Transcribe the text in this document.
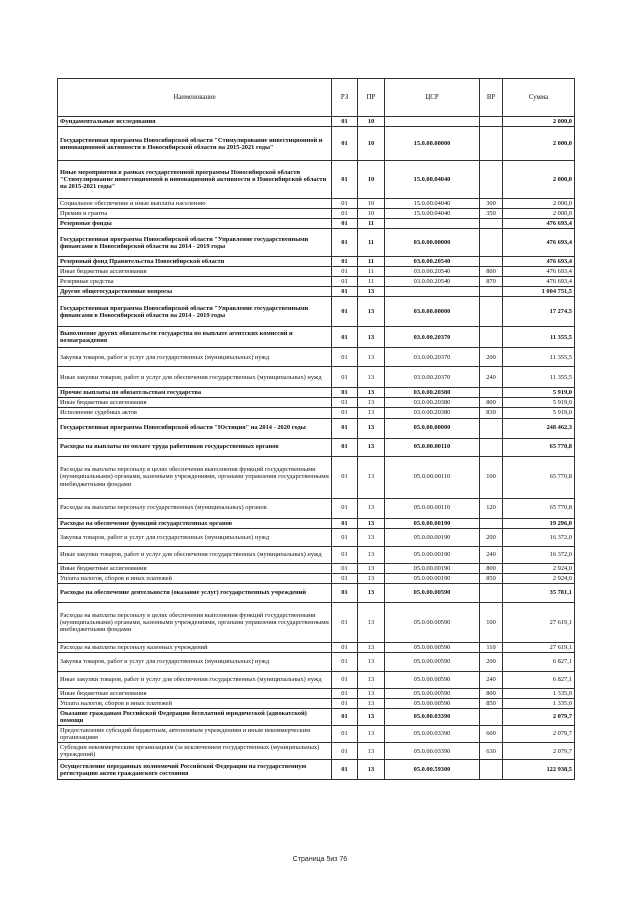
Наименование	РЗ	ПР	ЦСР	ВР	Сумма
Фундаментальные исследования	01	10			2 000,0
Государственная программа Новосибирской области "Стимулирование инвестиционной и инновационной активности в Новосибирской области на 2015-2021 годы"	01	10	15.0.00.00000		2 000,0
Иные мероприятия в рамках государственной программы Новосибирской области "Стимулирование инвестиционной и инновационной активности в Новосибирской области на 2015-2021 годы"	01	10	15.0.00.04040		2 000,0
Социальное обеспечение и иные выплаты населению	01	10	15.0.00.04040	300	2 000,0
Премии и гранты	01	10	15.0.00.04040	350	2 000,0
Резервные фонды	01	11			476 693,4
Государственная программа Новосибирской области "Управление государственными финансами в Новосибирской области на 2014 - 2019 годы	01	11	03.0.00.00000		476 693,4
Резервный фонд Правительства Новосибирской области	01	11	03.0.00.20540		476 693,4
Иные бюджетные ассигнования	01	11	03.0.00.20540	800	476 693,4
Резервные средства	01	11	03.0.00.20540	870	476 693,4
Другие общегосударственные вопросы	01	13			1 004 751,5
Государственная программа Новосибирской области "Управление государственными финансами в Новосибирской области на 2014 - 2019 годы	01	13	03.0.00.00000		17 274,5
Выполнение других обязательств государства по выплате агентских комиссий и вознаграждения	01	13	03.0.00.20370		11 355,5
Закупка товаров, работ и услуг для государственных (муниципальных) нужд	01	13	03.0.00.20370	200	11 355,5
Иные закупки товаров, работ и услуг для обеспечения государственных (муниципальных) нужд	01	13	03.0.00.20370	240	11 355,5
Прочие выплаты по обязательствам государства	01	13	03.0.00.20380		5 919,0
Иные бюджетные ассигнования	01	13	03.0.00.20380	800	5 919,0
Исполнение судебных актов	01	13	03.0.00.20380	830	5 919,0
Государственная программа Новосибирской области "Юстиция" на 2014 - 2020 годы	01	13	05.0.00.00000		248 462,3
Расходы на выплаты по оплате труда работников государственных органов	01	13	05.0.00.00110		65 770,8
Расходы на выплаты персоналу в целях обеспечения выполнения функций государственными (муниципальными) органами, казенными учреждениями, органами управления государственными внебюджетными фондами	01	13	05.0.00.00110	100	65 770,8
Расходы на выплаты персоналу государственных (муниципальных) органов	01	13	05.0.00.00110	120	65 770,8
Расходы на обеспечение функций государственных органов	01	13	05.0.00.00190		19 296,0
Закупка товаров, работ и услуг для государственных (муниципальных) нужд	01	13	05.0.00.00190	200	16 372,0
Иные закупки товаров, работ и услуг для обеспечения государственных (муниципальных) нужд	01	13	05.0.00.00190	240	16 372,0
Иные бюджетные ассигнования	01	13	05.0.00.00190	800	2 924,0
Уплата налогов, сборов и иных платежей	01	13	05.0.00.00190	850	2 924,0
Расходы на обеспечение деятельности (оказание услуг) государственных учреждений	01	13	05.0.00.00590		35 781,1
Расходы на выплаты персоналу в целях обеспечения выполнения функций государственными (муниципальными) органами, казенными учреждениями, органами управления государственными внебюджетными фондами	01	13	05.0.00.00590	100	27 619,1
Расходы на выплаты персоналу казенных учреждений	01	13	05.0.00.00590	110	27 619,1
Закупка товаров, работ и услуг для государственных (муниципальных) нужд	01	13	05.0.00.00590	200	6 827,1
Иные закупки товаров, работ и услуг для обеспечения государственных (муниципальных) нужд	01	13	05.0.00.00590	240	6 827,1
Иные бюджетные ассигнования	01	13	05.0.00.00590	800	1 335,0
Уплата налогов, сборов и иных платежей	01	13	05.0.00.00590	850	1 335,0
Оказание гражданам Российской Федерации бесплатной юридической (адвокатской) помощи	01	13	05.0.00.03390		2 079,7
Предоставление субсидий бюджетным, автономным учреждениям и иным некоммерческим организациям	01	13	05.0.00.03390	600	2 079,7
Субсидии некоммерческим организациям (за исключением государственных (муниципальных) учреждений)	01	13	05.0.00.03390	630	2 079,7
Осуществление переданных полномочий Российской Федерации на государственную регистрацию актов гражданского состояния	01	13	05.0.00.59300		122 938,5
Страница 5из 76
